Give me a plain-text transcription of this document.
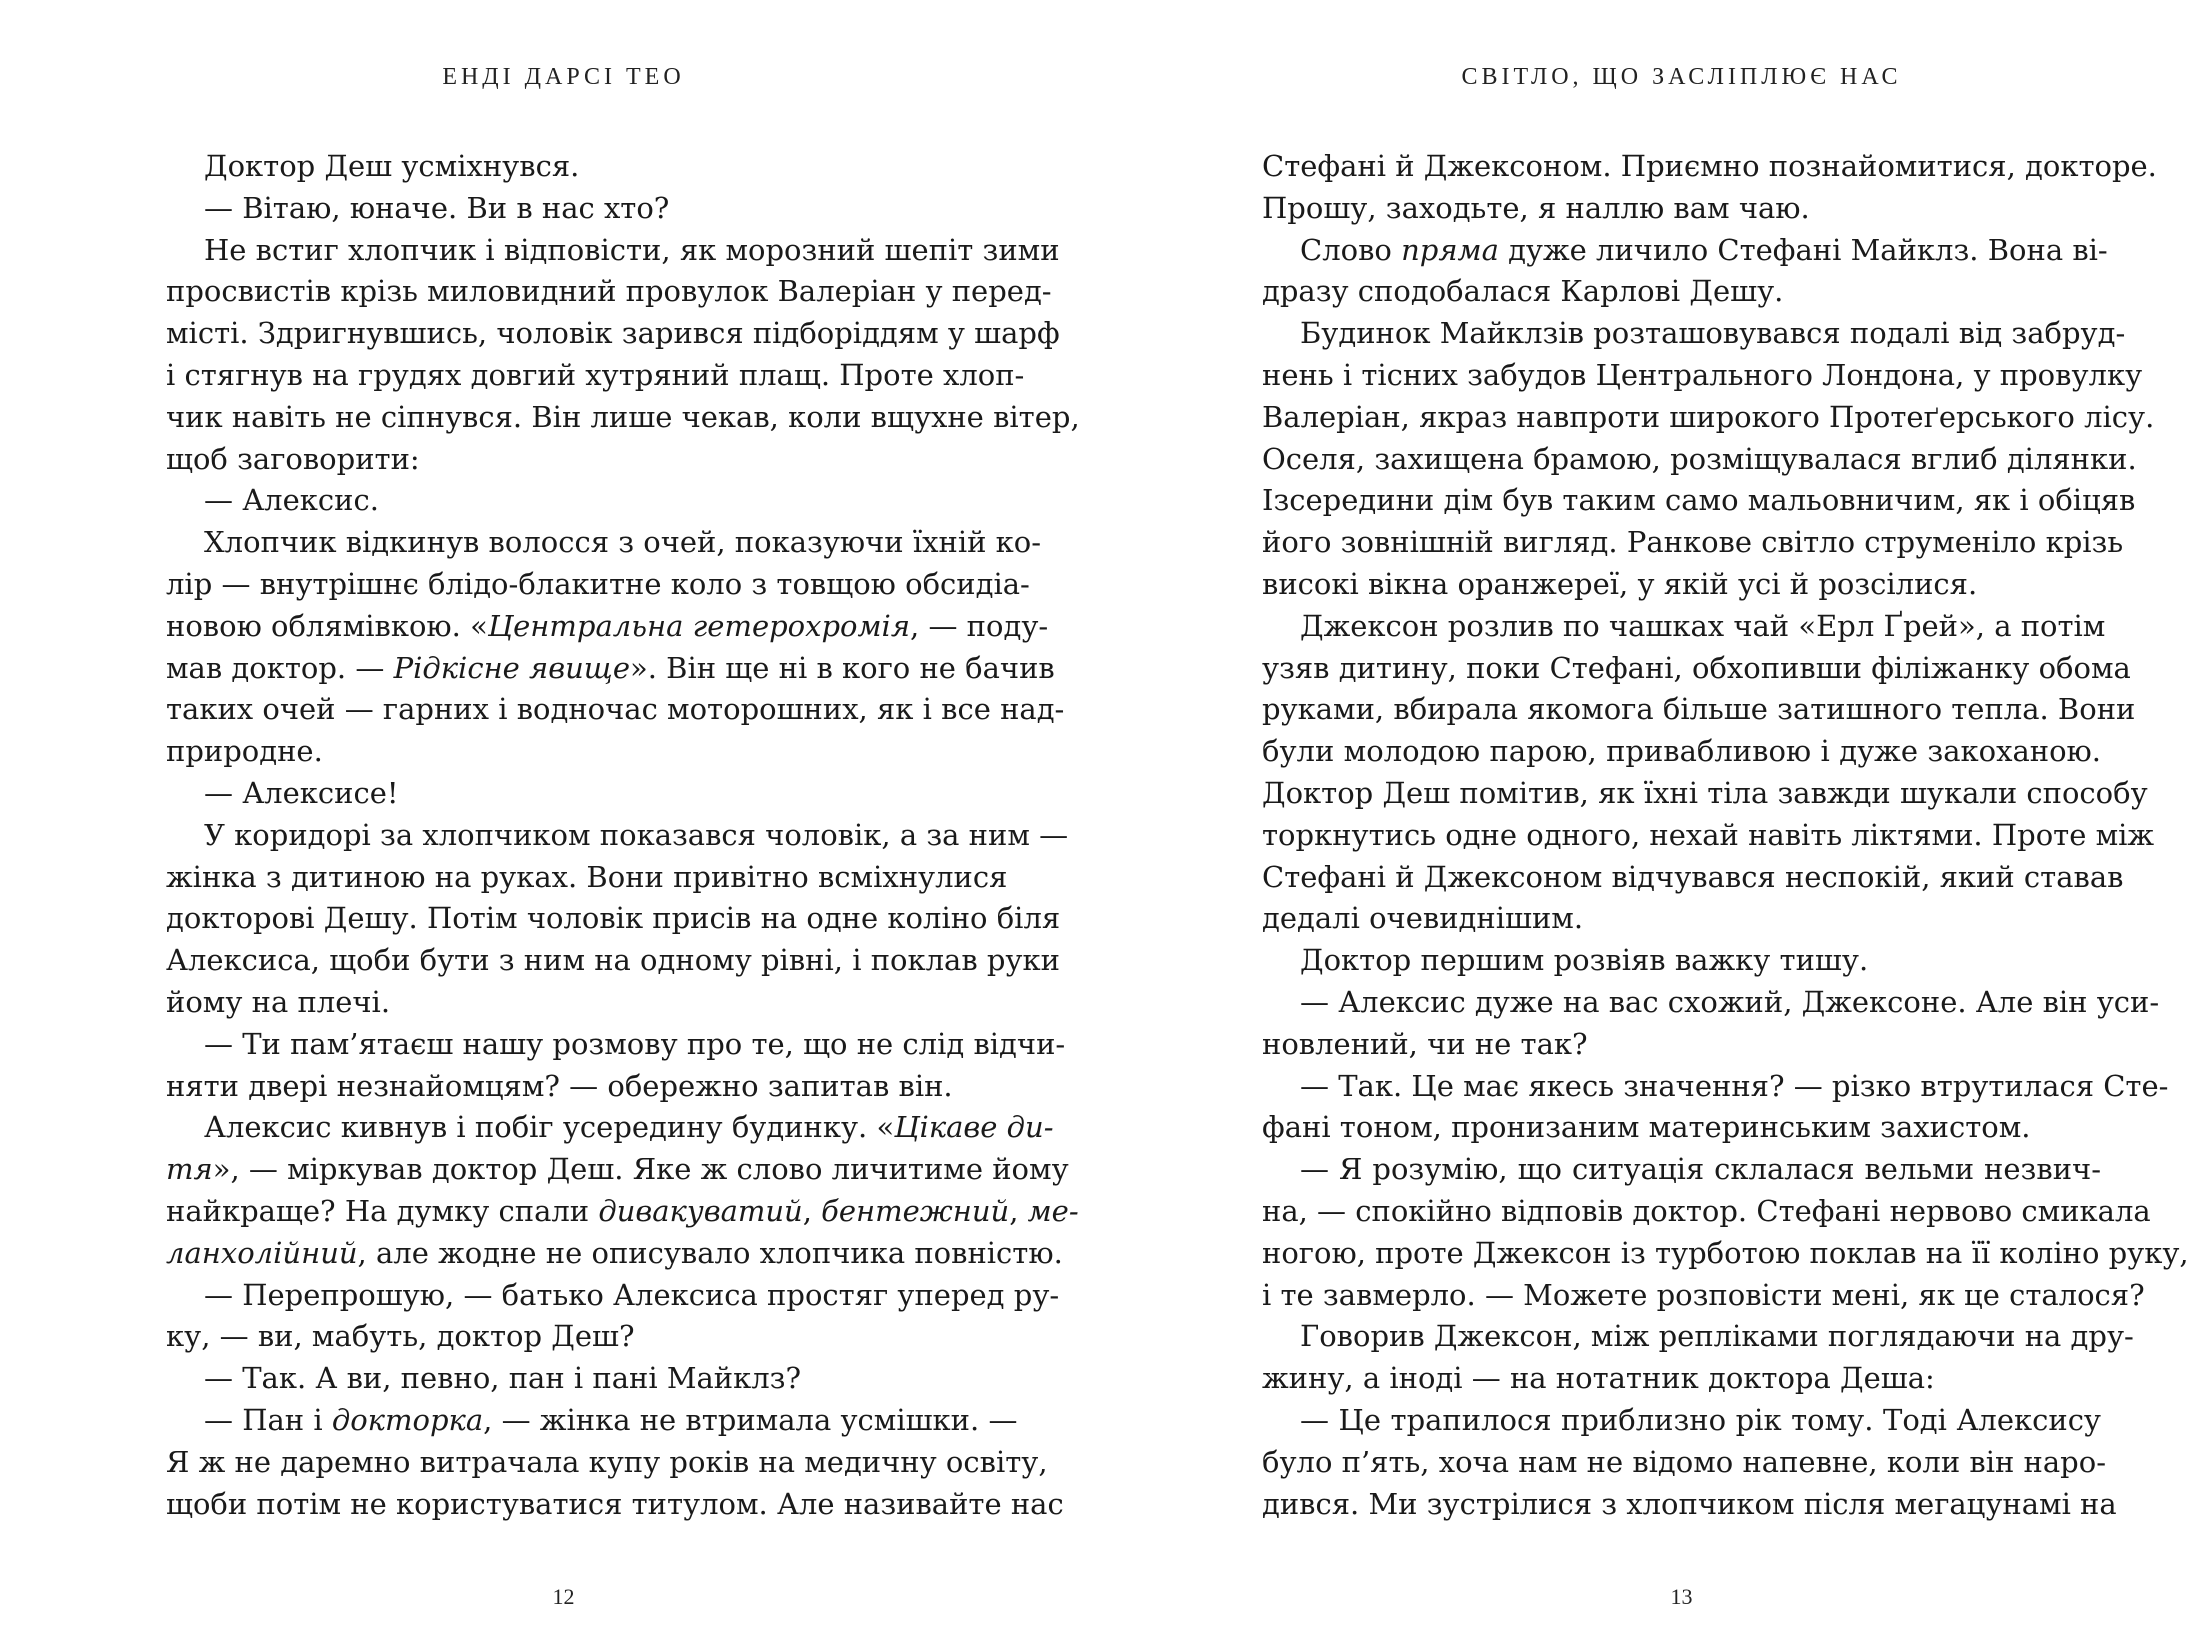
ЕНДІ ДАРСІ ТЕО
Доктор Деш усміхнувся.
— Вітаю, юначе. Ви в нас хто?
Не встиг хлопчик і відповісти, як морозний шепіт зими
просвистів крізь миловидний провулок Валеріан у перед-
місті. Здригнувшись, чоловік зарився підборіддям у шарф
і стягнув на грудях довгий хутряний плащ. Проте хлоп-
чик навіть не сіпнувся. Він лише чекав, коли вщухне вітер,
щоб заговорити:
— Алексис.
Хлопчик відкинув волосся з очей, показуючи їхній ко-
лір — внутрішнє блідо-блакитне коло з товщою обсидіа-
новою облямівкою. «Центральна гетерохромія, — поду-
мав доктор. — Рідкісне явище». Він ще ні в кого не бачив
таких очей — гарних і водночас моторошних, як і все над-
природне.
— Алексисе!
У коридорі за хлопчиком показався чоловік, а за ним —
жінка з дитиною на руках. Вони привітно всміхнулися
докторові Дешу. Потім чоловік присів на одне коліно біля
Алексиса, щоби бути з ним на одному рівні, і поклав руки
йому на плечі.
— Ти пам’ятаєш нашу розмову про те, що не слід відчи-
няти двері незнайомцям? — обережно запитав він.
Алексис кивнув і побіг усередину будинку. «Цікаве ди-
тя», — міркував доктор Деш. Яке ж слово личитиме йому
найкраще? На думку спали дивакуватий, бентежний, ме-
ланхолійний, але жодне не описувало хлопчика повністю.
— Перепрошую, — батько Алексиса простяг уперед ру-
ку, — ви, мабуть, доктор Деш?
— Так. А ви, певно, пан і пані Майклз?
— Пан і докторка, — жінка не втримала усмішки. —
Я ж не даремно витрачала купу років на медичну освіту,
щоби потім не користуватися титулом. Але називайте нас
12
СВІТЛО, ЩО ЗАСЛІПЛЮЄ НАС
Стефані й Джексоном. Приємно познайомитися, докторе.
Прошу, заходьте, я наллю вам чаю.
Слово пряма дуже личило Стефані Майклз. Вона ві-
дразу сподобалася Карлові Дешу.
Будинок Майклзів розташовувався подалі від забруд-
нень і тісних забудов Центрального Лондона, у провулку
Валеріан, якраз навпроти широкого Протеґерського лісу.
Оселя, захищена брамою, розміщувалася вглиб ділянки.
Ізсередини дім був таким само мальовничим, як і обіцяв
його зовнішній вигляд. Ранкове світло струменіло крізь
високі вікна оранжереї, у якій усі й розсілися.
Джексон розлив по чашках чай «Ерл Ґрей», а потім
узяв дитину, поки Стефані, обхопивши філіжанку обома
руками, вбирала якомога більше затишного тепла. Вони
були молодою парою, привабливою і дуже закоханою.
Доктор Деш помітив, як їхні тіла завжди шукали способу
торкнутись одне одного, нехай навіть ліктями. Проте між
Стефані й Джексоном відчувався неспокій, який ставав
дедалі очевиднішим.
Доктор першим розвіяв важку тишу.
— Алексис дуже на вас схожий, Джексоне. Але він уси-
новлений, чи не так?
— Так. Це має якесь значення? — різко втрутилася Сте-
фані тоном, пронизаним материнським захистом.
— Я розумію, що ситуація склалася вельми незвич-
на, — спокійно відповів доктор. Стефані нервово смикала
ногою, проте Джексон із турботою поклав на її коліно руку,
і те завмерло. — Можете розповісти мені, як це сталося?
Говорив Джексон, між репліками поглядаючи на дру-
жину, а іноді — на нотатник доктора Деша:
— Це трапилося приблизно рік тому. Тоді Алексису
було п’ять, хоча нам не відомо напевне, коли він наро-
дився. Ми зустрілися з хлопчиком після мегацунамі на
13
